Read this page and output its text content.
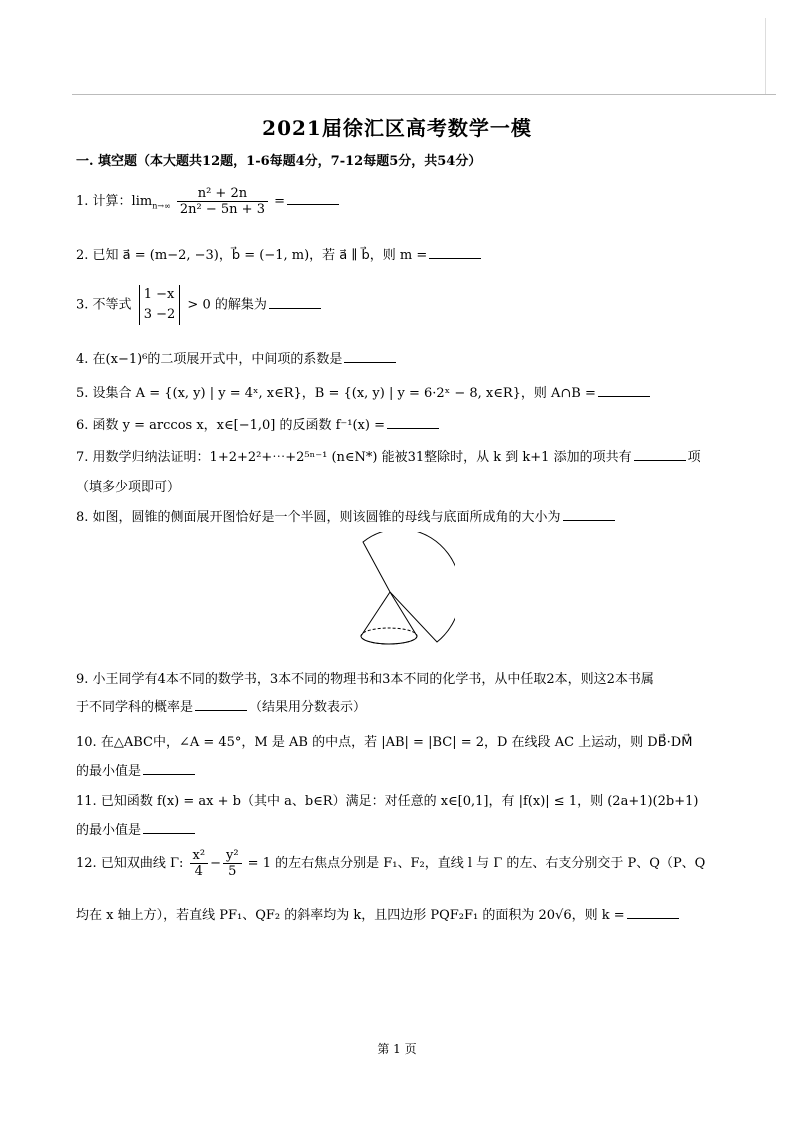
2021届徐汇区高考数学一模
一. 填空题（本大题共12题，1-6每题4分，7-12每题5分，共54分）
1. 计算：$\lim_{n\to\infty} \frac{\text{n² + 2n}}{\text{2n² − 5n + 3}}$ =
2. 已知 a⃗ = (m−2, −3)，b⃗ = (−1, m)，若 a⃗ ∥ b⃗，则 m =
3. 不等式
1 −x
3 −2
> 0 的解集为
4. 在(x−1)⁶的二项展开式中，中间项的系数是
5. 设集合 A = {(x, y) | y = 4ˣ, x∈R}，B = {(x, y) | y = 6·2ˣ − 8, x∈R}，则 A∩B =
6. 函数 y = arccos x，x∈[−1,0] 的反函数 f⁻¹(x) =
7. 用数学归纳法证明：1+2+2²+⋯+2⁵ⁿ⁻¹ (n∈N*) 能被31整除时，从 k 到 k+1 添加的项共有	项
（填多少项即可）
8. 如图，圆锥的侧面展开图恰好是一个半圆，则该圆锥的母线与底面所成角的大小为
9. 小王同学有4本不同的数学书，3本不同的物理书和3本不同的化学书，从中任取2本，则这2本书属
于不同学科的概率是	（结果用分数表示）
10. 在△ABC中，∠A = 45°，M 是 AB 的中点，若 |AB| = |BC| = 2，D 在线段 AC 上运动，则 DB⃗·DM⃗
的最小值是
11. 已知函数 f(x) = ax + b（其中 a、b∈R）满足：对任意的 x∈[0,1]，有 |f(x)| ≤ 1，则 (2a+1)(2b+1)
的最小值是
12. 已知双曲线 Γ: $\frac{\text{x²}}{4} - \frac{\text{y²}}{5} = 1$ 的左右焦点分别是 F₁、F₂，直线 l 与 Γ 的左、右支分别交于 P、Q（P、Q
均在 x 轴上方），若直线 PF₁、QF₂ 的斜率均为 k，且四边形 PQF₂F₁ 的面积为 20√6，则 k =
第 1 页
